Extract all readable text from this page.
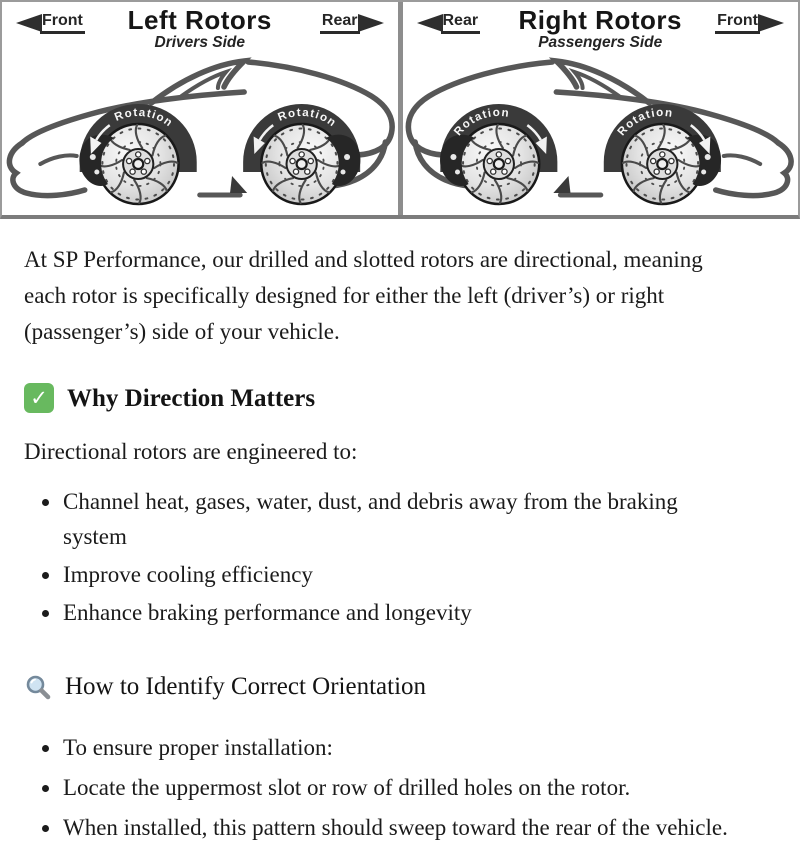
Rotation	Rotation
Front	Left Rotors
Drivers Side
Rear
Rotation
Rotation
Rear	Right Rotors
Passengers Side
Front

At SP Performance, our drilled and slotted rotors are directional, meaning each rotor is specifically designed for either the left (driver’s) or right (passenger’s) side of your vehicle.

✓ Why Direction Matters

Directional rotors are engineered to:

• Channel heat, gases, water, dust, and debris away from the braking system
• Improve cooling efficiency
• Enhance braking performance and longevity
How to Identify Correct Orientation
• To ensure proper installation:
• Locate the uppermost slot or row of drilled holes on the rotor.
• When installed, this pattern should sweep toward the rear of the vehicle.
